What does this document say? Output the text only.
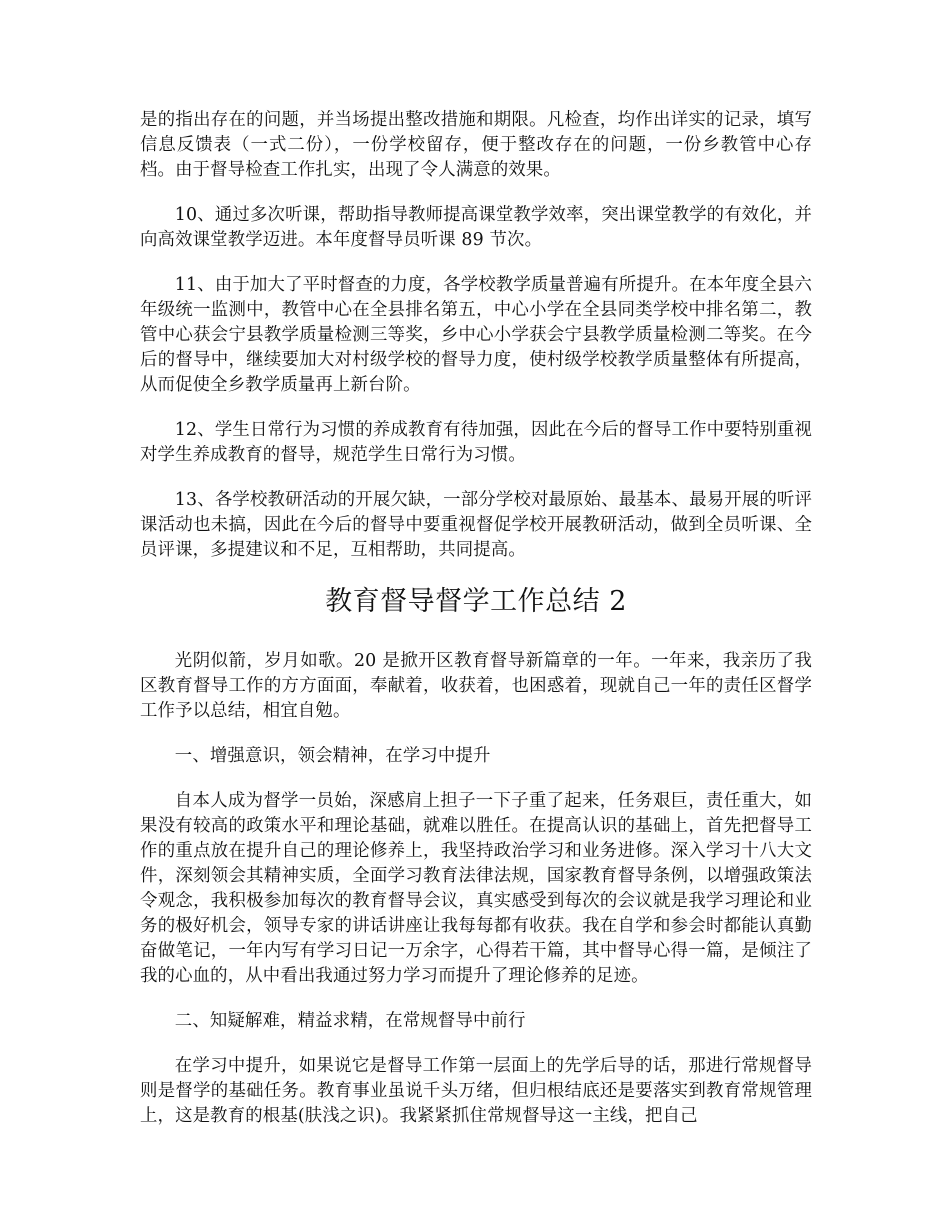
是的指出存在的问题，并当场提出整改措施和期限。凡检查，均作出详实的记录，填写信息反馈表（一式二份），一份学校留存，便于整改存在的问题，一份乡教管中心存档。由于督导检查工作扎实，出现了令人满意的效果。

10、通过多次听课，帮助指导教师提高课堂教学效率，突出课堂教学的有效化，并向高效课堂教学迈进。本年度督导员听课 89 节次。

11、由于加大了平时督查的力度，各学校教学质量普遍有所提升。在本年度全县六年级统一监测中，教管中心在全县排名第五，中心小学在全县同类学校中排名第二，教管中心获会宁县教学质量检测三等奖，乡中心小学获会宁县教学质量检测二等奖。在今后的督导中，继续要加大对村级学校的督导力度，使村级学校教学质量整体有所提高，从而促使全乡教学质量再上新台阶。

12、学生日常行为习惯的养成教育有待加强，因此在今后的督导工作中要特别重视对学生养成教育的督导，规范学生日常行为习惯。

13、各学校教研活动的开展欠缺，一部分学校对最原始、最基本、最易开展的听评课活动也未搞，因此在今后的督导中要重视督促学校开展教研活动，做到全员听课、全员评课，多提建议和不足，互相帮助，共同提高。

教育督导督学工作总结 2

光阴似箭，岁月如歌。20 是掀开区教育督导新篇章的一年。一年来，我亲历了我区教育督导工作的方方面面，奉献着，收获着，也困惑着，现就自己一年的责任区督学工作予以总结，相宜自勉。

一、增强意识，领会精神，在学习中提升

自本人成为督学一员始，深感肩上担子一下子重了起来，任务艰巨，责任重大，如果没有较高的政策水平和理论基础，就难以胜任。在提高认识的基础上，首先把督导工作的重点放在提升自己的理论修养上，我坚持政治学习和业务进修。深入学习十八大文件，深刻领会其精神实质，全面学习教育法律法规，国家教育督导条例，以增强政策法令观念，我积极参加每次的教育督导会议，真实感受到每次的会议就是我学习理论和业务的极好机会，领导专家的讲话讲座让我每每都有收获。我在自学和参会时都能认真勤奋做笔记，一年内写有学习日记一万余字，心得若干篇，其中督导心得一篇，是倾注了我的心血的，从中看出我通过努力学习而提升了理论修养的足迹。

二、知疑解难，精益求精，在常规督导中前行

在学习中提升，如果说它是督导工作第一层面上的先学后导的话，那进行常规督导则是督学的基础任务。教育事业虽说千头万绪，但归根结底还是要落实到教育常规管理上，这是教育的根基(肤浅之识)。我紧紧抓住常规督导这一主线，把自己
